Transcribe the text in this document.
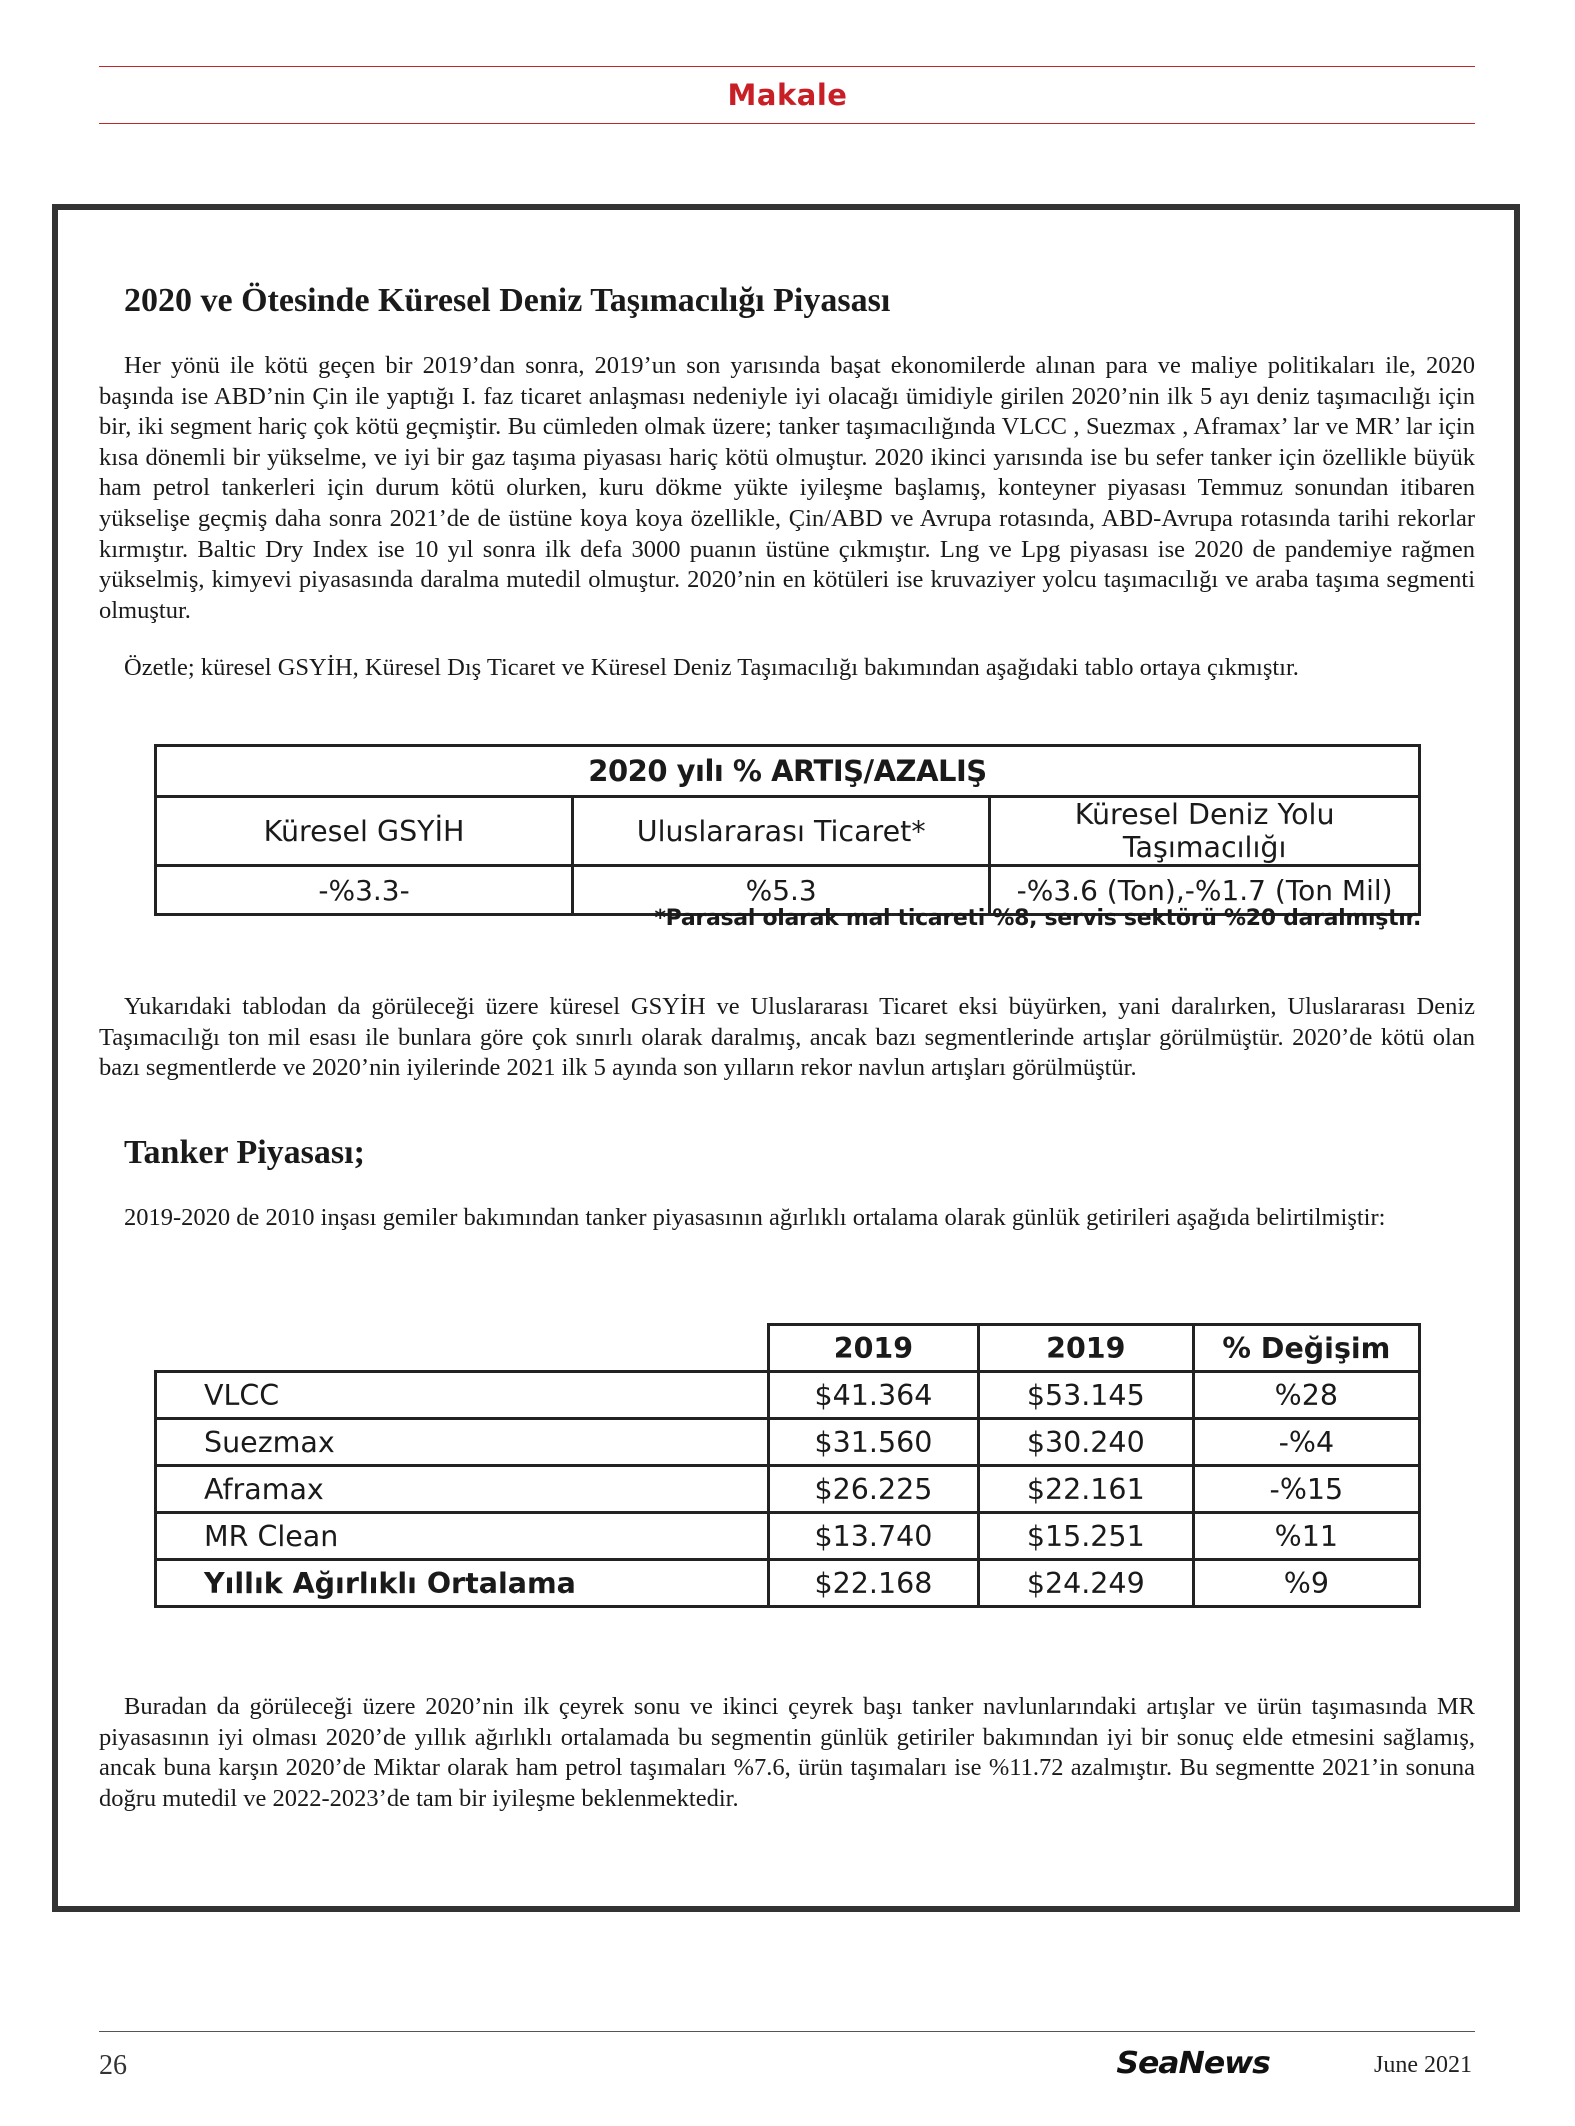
Makale
2020 ve Ötesinde Küresel Deniz Taşımacılığı Piyasası

Her yönü ile kötü geçen bir 2019’dan sonra, 2019’un son yarısında başat ekonomilerde alınan para ve maliye politikaları ile, 2020 başında ise ABD’nin Çin ile yaptığı I. faz ticaret anlaşması nedeniyle iyi olacağı ümidiyle girilen 2020’nin ilk 5 ayı deniz taşımacılığı için bir, iki segment hariç çok kötü geçmiştir. Bu cümleden olmak üzere; tanker taşımacılığında VLCC , Suezmax , Aframax’ lar ve MR’ lar için kısa dönemli bir yükselme, ve iyi bir gaz taşıma piyasası hariç kötü olmuştur. 2020 ikinci yarısında ise bu sefer tanker için özellikle büyük ham petrol tankerleri için durum kötü olurken, kuru dökme yükte iyileşme başlamış, konteyner piyasası Temmuz sonundan itibaren yükselişe geçmiş daha sonra 2021’de de üstüne koya koya özellikle, Çin/ABD ve Avrupa rotasında, ABD-Avrupa rotasında tarihi rekorlar kırmıştır. Baltic Dry Index ise 10 yıl sonra ilk defa 3000 puanın üstüne çıkmıştır. Lng ve Lpg piyasası ise 2020 de pandemiye rağmen yükselmiş, kimyevi piyasasında daralma mutedil olmuştur. 2020’nin en kötüleri ise kruvaziyer yolcu taşımacılığı ve araba taşıma segmenti olmuştur.

Özetle; küresel GSYİH, Küresel Dış Ticaret ve Küresel Deniz Taşımacılığı bakımından aşağıdaki tablo ortaya çıkmıştır.

2020 yılı % ARTIŞ/AZALIŞ		
Küresel GSYİH	Uluslararası Ticaret*	Küresel Deniz Yolu Taşımacılığı
-%3.3-	%5.3	-%3.6 (Ton),-%1.7 (Ton Mil)
*Parasal olarak mal ticareti %8, servis sektörü %20 daralmıştır.

Yukarıdaki tablodan da görüleceği üzere küresel GSYİH ve Uluslararası Ticaret eksi büyürken, yani daralırken, Uluslararası Deniz Taşımacılığı ton mil esası ile bunlara göre çok sınırlı olarak daralmış, ancak bazı segmentlerinde artışlar görülmüştür. 2020’de kötü olan bazı segmentlerde ve 2020’nin iyilerinde 2021 ilk 5 ayında son yılların rekor navlun artışları görülmüştür.

Tanker Piyasası;

2019-2020 de 2010 inşası gemiler bakımından tanker piyasasının ağırlıklı ortalama olarak günlük getirileri aşağıda belirtilmiştir:

	2019	2019	% Değişim
VLCC	$41.364	$53.145	%28
Suezmax	$31.560	$30.240	-%4
Aframax	$26.225	$22.161	-%15
MR Clean	$13.740	$15.251	%11
Yıllık Ağırlıklı Ortalama	$22.168	$24.249	%9

Buradan da görüleceği üzere 2020’nin ilk çeyrek sonu ve ikinci çeyrek başı tanker navlunlarındaki artışlar ve ürün taşımasında MR piyasasının iyi olması 2020’de yıllık ağırlıklı ortalamada bu segmentin günlük getiriler bakımından iyi bir sonuç elde etmesini sağlamış, ancak buna karşın 2020’de Miktar olarak ham petrol taşımaları %7.6, ürün taşımaları ise %11.72 azalmıştır. Bu segmentte 2021’in sonuna doğru mutedil ve 2022-2023’de tam bir iyileşme beklenmektedir.

26	SeaNews	June 2021
